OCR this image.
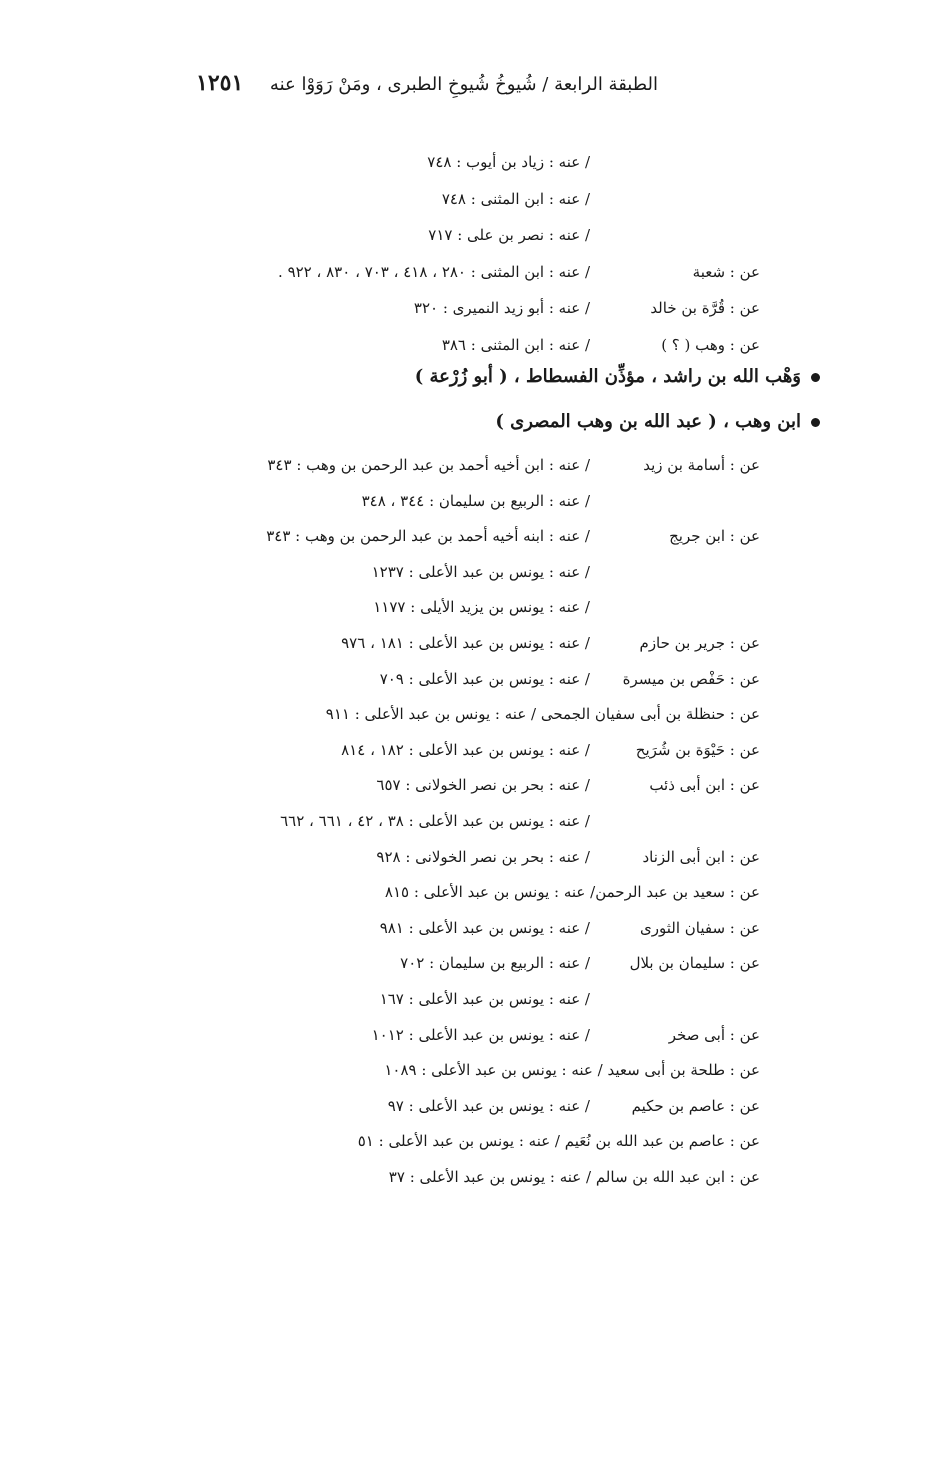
الطبقة الرابعة / شُيوخُ شُيوخِ الطبرى ، ومَنْ رَوَوْا عنه
١٢٥١
/ عنه : زياد بن أيوب : ٧٤٨
/ عنه : ابن المثنى : ٧٤٨
/ عنه : نصر بن على : ٧١٧
عن : شعبة
/ عنه : ابن المثنى : ٢٨٠ ، ٤١٨ ، ٧٠٣ ، ٨٣٠ ، ٩٢٢ .
عن : قُرَّة بن خالد
/ عنه : أبو زيد النميرى : ٣٢٠
عن : وهب ( ؟ )
/ عنه : ابن المثنى : ٣٨٦
وَهْب الله بن راشد ، مؤذِّن الفسطاط ، ( أبو زُرْعة )
ابن وهب ، ( عبد الله بن وهب المصرى )
عن : أسامة بن زيد
/ عنه : ابن أخيه أحمد بن عبد الرحمن بن وهب : ٣٤٣
/ عنه : الربيع بن سليمان : ٣٤٤ ، ٣٤٨
عن : ابن جريج
/ عنه : ابنه أخيه أحمد بن عبد الرحمن بن وهب : ٣٤٣
/ عنه : يونس بن عبد الأعلى : ١٢٣٧
/ عنه : يونس بن يزيد الأيلى : ١١٧٧
عن : جرير بن حازم
/ عنه : يونس بن عبد الأعلى : ١٨١ ، ٩٧٦
عن : حَفْص بن ميسرة
/ عنه : يونس بن عبد الأعلى : ٧٠٩
عن : حنظلة بن أبى سفيان الجمحى / عنه : يونس بن عبد الأعلى : ٩١١
عن : حَيْوَة بن شُرَيح
/ عنه : يونس بن عبد الأعلى : ١٨٢ ، ٨١٤
عن : ابن أبى ذئب
/ عنه : بحر بن نصر الخولانى : ٦٥٧
/ عنه : يونس بن عبد الأعلى : ٣٨ ، ٤٢ ، ٦٦١ ، ٦٦٢
عن : ابن أبى الزناد
/ عنه : بحر بن نصر الخولانى : ٩٢٨
عن : سعيد بن عبد الرحمن/ عنه : يونس بن عبد الأعلى : ٨١٥
عن : سفيان الثورى
/ عنه : يونس بن عبد الأعلى : ٩٨١
عن : سليمان بن بلال
/ عنه : الربيع بن سليمان : ٧٠٢
/ عنه : يونس بن عبد الأعلى : ١٦٧
عن : أبى صخر
/ عنه : يونس بن عبد الأعلى : ١٠١٢
عن : طلحة بن أبى سعيد / عنه : يونس بن عبد الأعلى : ١٠٨٩
عن : عاصم بن حكيم
/ عنه : يونس بن عبد الأعلى : ٩٧
عن : عاصم بن عبد الله بن نُعَيم / عنه : يونس بن عبد الأعلى : ٥١
عن : ابن عبد الله بن سالم / عنه : يونس بن عبد الأعلى : ٣٧
